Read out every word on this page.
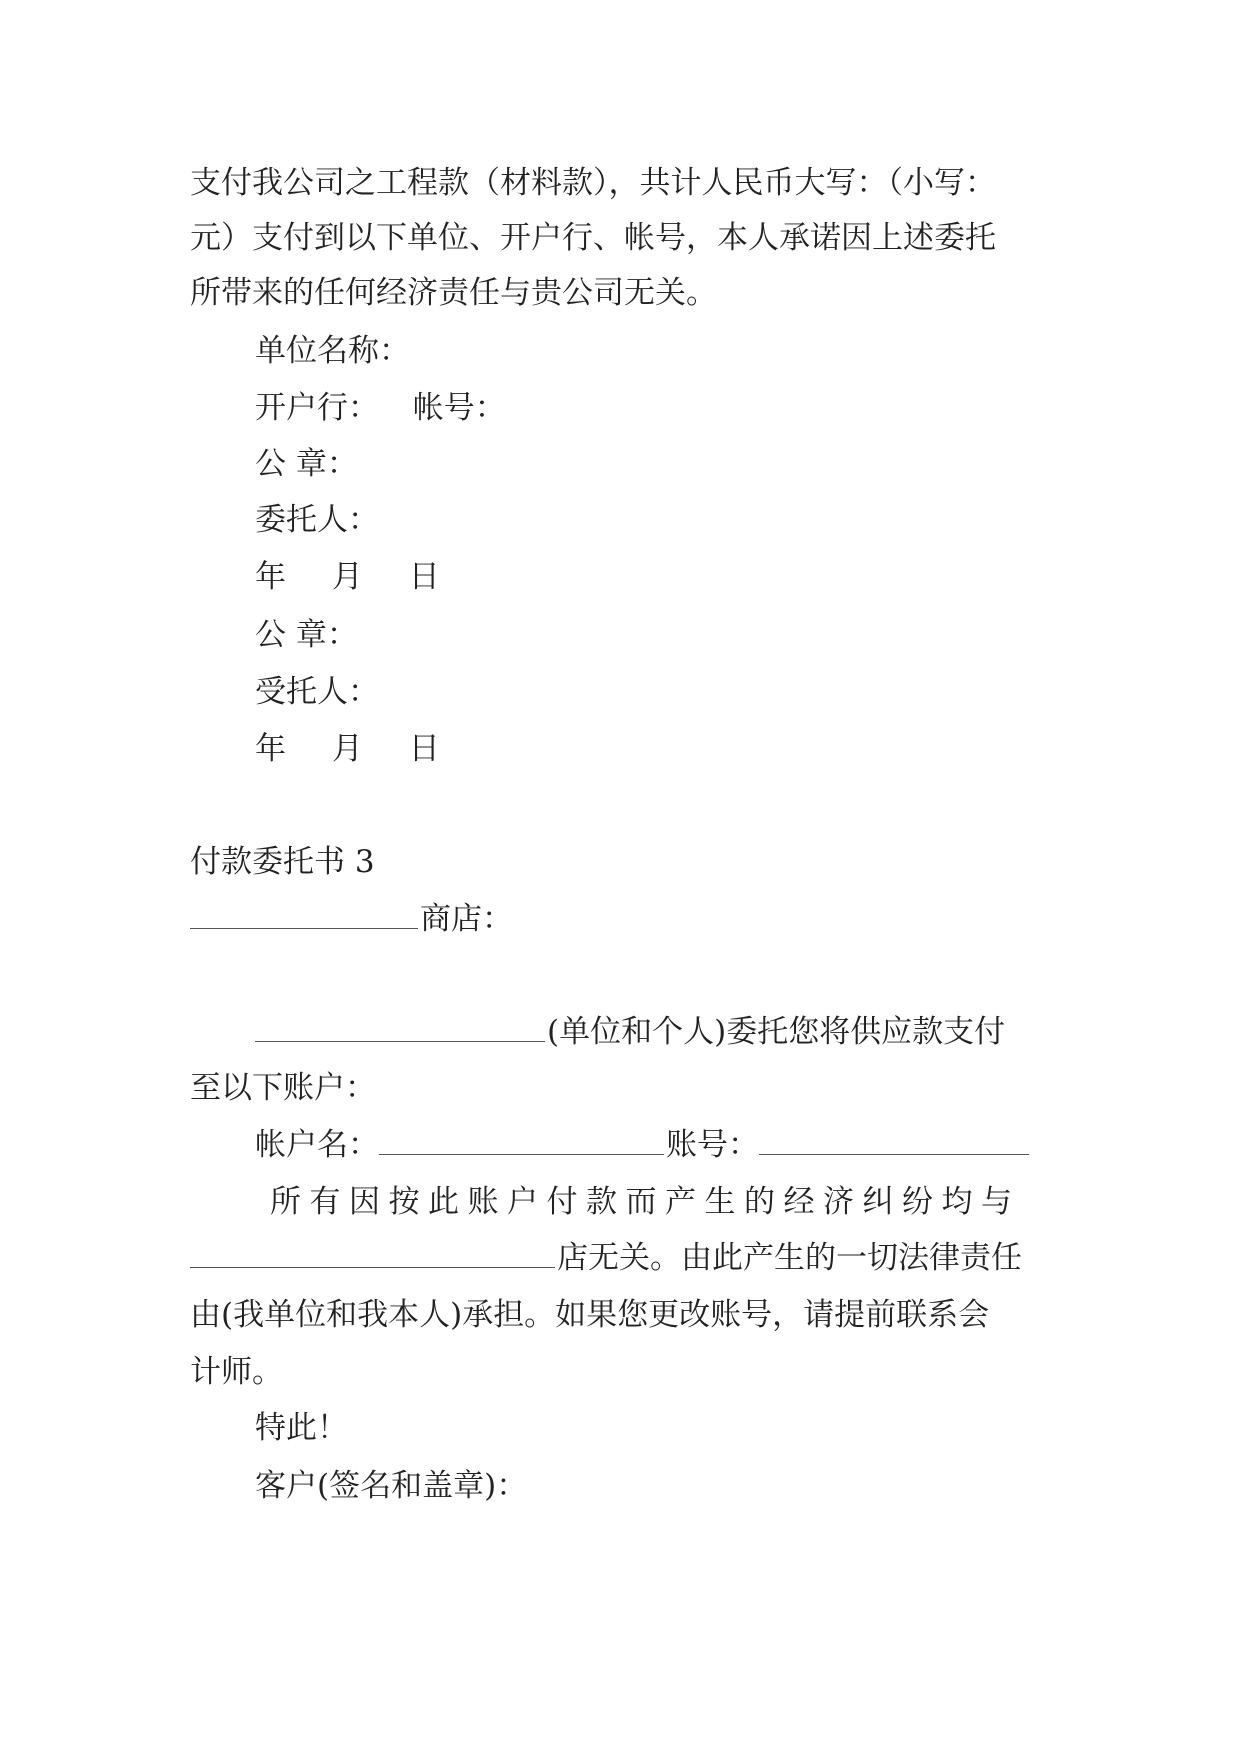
支付我公司之工程款（材料款），共计人民币大写：（小写：
元）支付到以下单位、开户行、帐号，本人承诺因上述委托
所带来的任何经济责任与贵公司无关。
单位名称：
开户行： 帐号：
公 章：
委托人：
年 月 日
公 章：
受托人：
年 月 日
付款委托书 3
商店：
(单位和个人)委托您将供应款支付
至以下账户：
帐户名：	账号：
所有因按此账户付款而产生的经济纠纷均与
店无关。由此产生的一切法律责任
由(我单位和我本人)承担。如果您更改账号，请提前联系会
计师。
特此！
客户(签名和盖章)：
